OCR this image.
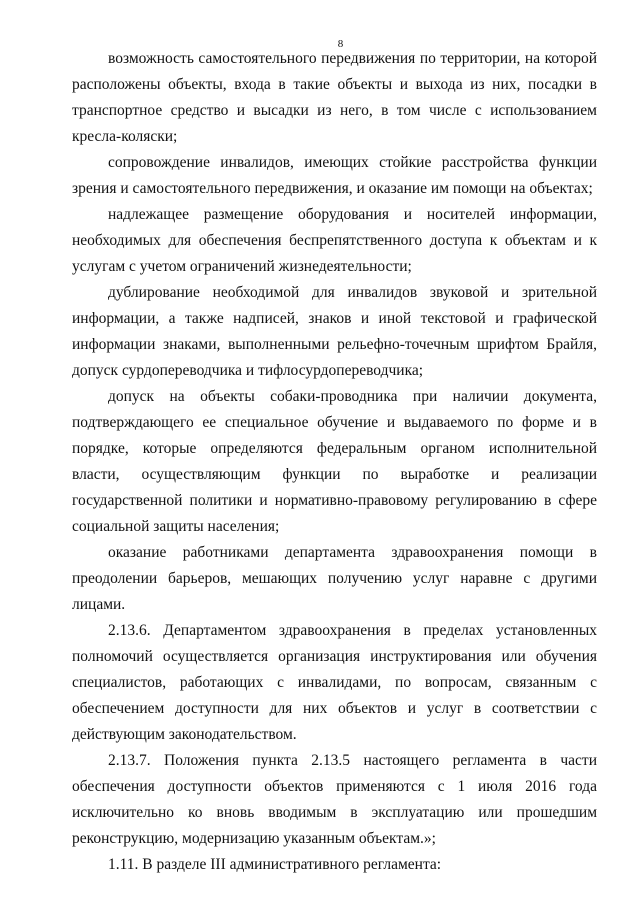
8

возможность самостоятельного передвижения по территории, на которой расположены объекты, входа в такие объекты и выхода из них, посадки в транспортное средство и высадки из него, в том числе с использованием кресла-коляски;

сопровождение инвалидов, имеющих стойкие расстройства функции зрения и самостоятельного передвижения, и оказание им помощи на объектах;

надлежащее размещение оборудования и носителей информации, необходимых для обеспечения беспрепятственного доступа к объектам и к услугам с учетом ограничений жизнедеятельности;

дублирование необходимой для инвалидов звуковой и зрительной информации, а также надписей, знаков и иной текстовой и графической информации знаками, выполненными рельефно-точечным шрифтом Брайля, допуск сурдопереводчика и тифлосурдопереводчика;

допуск на объекты собаки-проводника при наличии документа, подтверждающего ее специальное обучение и выдаваемого по форме и в порядке, которые определяются федеральным органом исполнительной власти, осуществляющим функции по выработке и реализации государственной политики и нормативно-правовому регулированию в сфере социальной защиты населения;

оказание работниками департамента здравоохранения помощи в преодолении барьеров, мешающих получению услуг наравне с другими лицами.

2.13.6. Департаментом здравоохранения в пределах установленных полномочий осуществляется организация инструктирования или обучения специалистов, работающих с инвалидами, по вопросам, связанным с обеспечением доступности для них объектов и услуг в соответствии с действующим законодательством.

2.13.7. Положения пункта 2.13.5 настоящего регламента в части обеспечения доступности объектов применяются с 1 июля 2016 года исключительно ко вновь вводимым в эксплуатацию или прошедшим реконструкцию, модернизацию указанным объектам.»;

1.11. В разделе III административного регламента:
